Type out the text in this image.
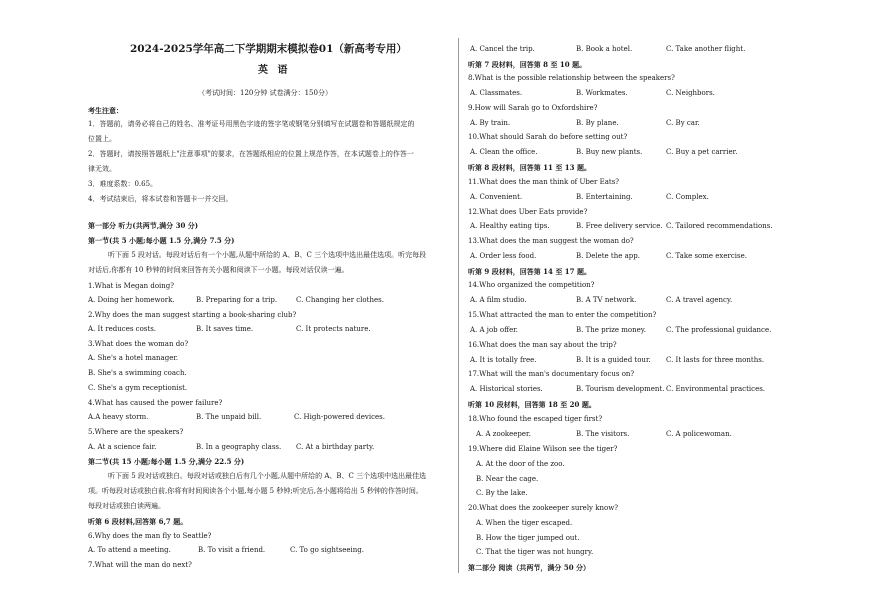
2024-2025学年高二下学期期末模拟卷01（新高考专用）
英 语
（考试时间：120分钟 试卷满分：150分）
考生注意：
1．答题前，请务必将自己的姓名、准考证号用黑色字迹的签字笔或钢笔分别填写在试题卷和答题纸规定的
位置上。
2．答题时，请按照答题纸上"注意事项"的要求，在答题纸相应的位置上规范作答，在本试题卷上的作答一
律无效。
3．难度系数：0.65。
4．考试结束后，将本试卷和答题卡一并交回。
第一部分 听力(共两节,满分 30 分)
第一节(共 5 小题;每小题 1.5 分,满分 7.5 分)
听下面 5 段对话。每段对话后有一个小题,从题中所给的 A、B、C 三个选项中选出最佳选项。听完每段
对话后,你都有 10 秒钟的时间来回答有关小题和阅读下一小题。每段对话仅读一遍。
1.What is Megan doing?
A. Doing her homework.	B. Preparing for a trip.	C. Changing her clothes.
2.Why does the man suggest starting a book-sharing club?
A. It reduces costs.	B. It saves time.	C. It protects nature.
3.What does the woman do?
A. She's a hotel manager.
B. She's a swimming coach.
C. She's a gym receptionist.
4.What has caused the power failure?
A.A heavy storm.	B. The unpaid bill.	C. High-powered devices.
5.Where are the speakers?
A. At a science fair.	B. In a geography class. C. At a birthday party.
第二节(共 15 小题;每小题 1.5 分,满分 22.5 分)
听下面 5 段对话或独白。每段对话或独白后有几个小题,从题中所给的 A、B、C 三个选项中选出最佳选
项。听每段对话或独白前,你将有时间阅读各个小题,每小题 5 秒钟;听完后,各小题将给出 5 秒钟的作答时间。
每段对话或独白读两遍。
听第 6 段材料,回答第 6,7 题。
6.Why does the man fly to Seattle?
A. To attend a meeting.	B. To visit a friend.	C. To go sightseeing.
7.What will the man do next?
A. Cancel the trip.	B. Book a hotel.	C. Take another flight.
听第 7 段材料，回答第 8 至 10 题。
8.What is the possible relationship between the speakers?
A. Classmates.	B. Workmates.	C. Neighbors.
9.How will Sarah go to Oxfordshire?
A. By train.	B. By plane.	C. By car.
10.What should Sarah do before setting out?
A. Clean the office.	B. Buy new plants.	C. Buy a pet carrier.
听第 8 段材料，回答第 11 至 13 题。
11.What does the man think of Uber Eats?
A. Convenient.	B. Entertaining.	C. Complex.
12.What does Uber Eats provide?
A. Healthy eating tips.	B. Free delivery service. C. Tailored recommendations.
13.What does the man suggest the woman do?
A. Order less food.	B. Delete the app.	C. Take some exercise.
听第 9 段材料，回答第 14 至 17 题。
14.Who organized the competition?
A. A film studio.	B. A TV network.	C. A travel agency.
15.What attracted the man to enter the competition?
A. A job offer.	B. The prize money.	C. The professional guidance.
16.What does the man say about the trip?
A. It is totally free.	B. It is a guided tour. C. It lasts for three months.
17.What will the man's documentary focus on?
A. Historical stories.	B. Tourism development. C. Environmental practices.
听第 10 段材料，回答第 18 至 20 题。
18.Who found the escaped tiger first?
A. A zookeeper.	B. The visitors.	C. A policewoman.
19.Where did Elaine Wilson see the tiger?
A. At the door of the zoo.
B. Near the cage.
C. By the lake.
20.What does the zookeeper surely know?
A. When the tiger escaped.
B. How the tiger jumped out.
C. That the tiger was not hungry.
第二部分 阅读（共两节，满分 50 分）
